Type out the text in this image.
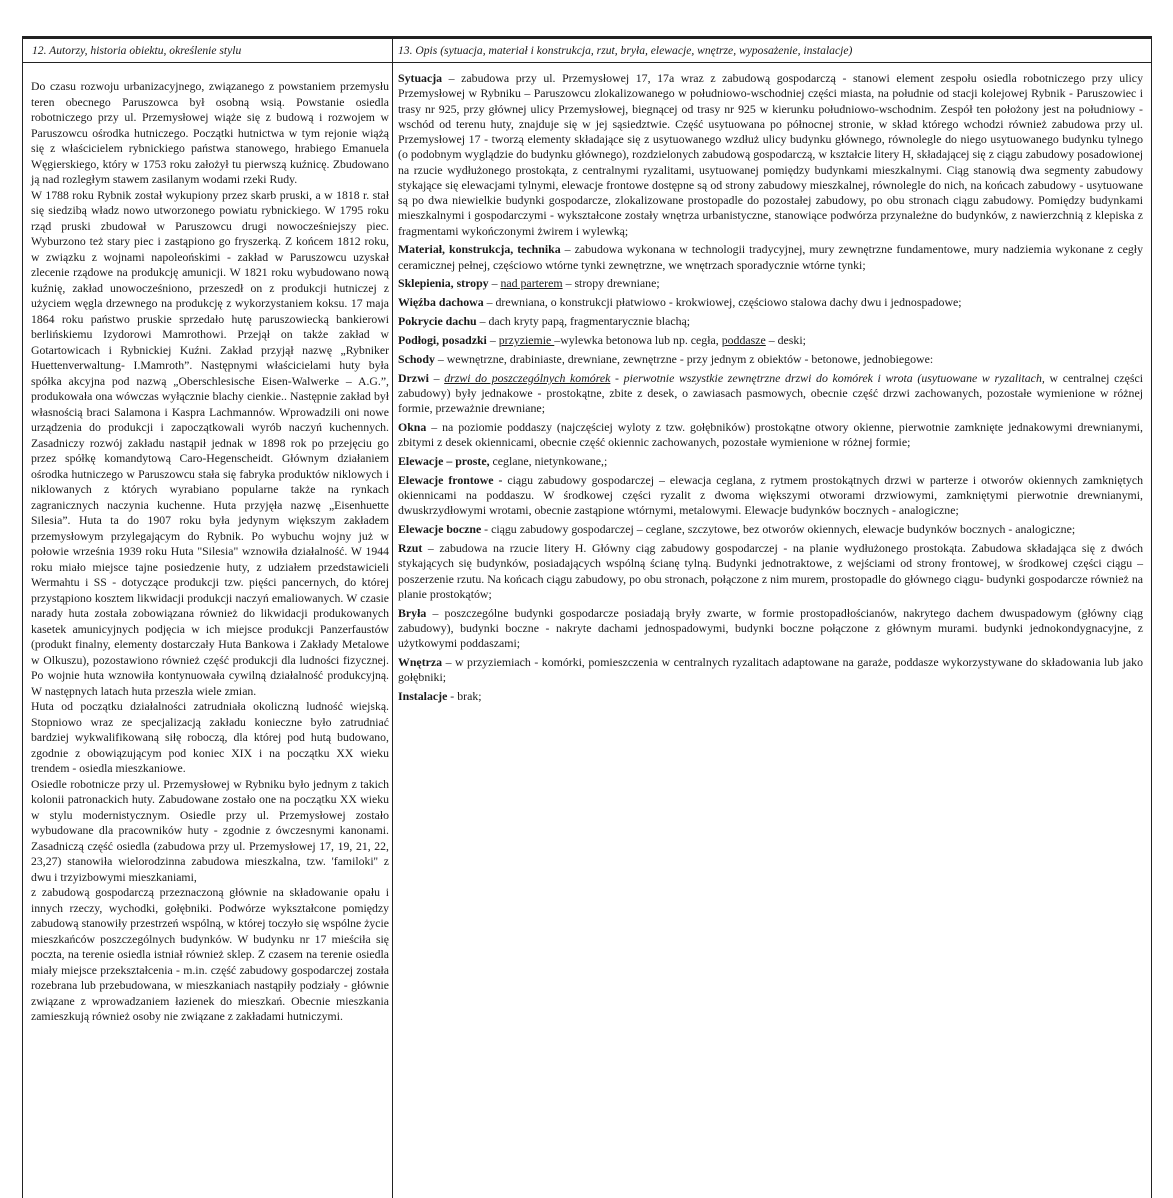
12. Autorzy, historia obiektu, określenie stylu	13. Opis (sytuacja, materiał i konstrukcja, rzut, bryła, elewacje, wnętrze, wyposażenie, instalacje)

Do czasu rozwoju urbanizacyjnego, związanego z powstaniem przemysłu teren obecnego Paruszowca był osobną wsią. Powstanie osiedla robotniczego przy ul. Przemysłowej wiąże się z budową i rozwojem w Paruszowcu ośrodka hutniczego. Początki hutnictwa w tym rejonie wiążą się z właścicielem rybnickiego państwa stanowego, hrabiego Emanuela Węgierskiego, który w 1753 roku założył tu pierwszą kuźnicę. Zbudowano ją nad rozległym stawem zasilanym wodami rzeki Rudy.

W 1788 roku Rybnik został wykupiony przez skarb pruski, a w 1818 r. stał się siedzibą władz nowo utworzonego powiatu rybnickiego. W 1795 roku rząd pruski zbudował w Paruszowcu drugi nowocześniejszy piec. Wyburzono też stary piec i zastąpiono go fryszerką. Z końcem 1812 roku, w związku z wojnami napoleońskimi - zakład w Paruszowcu uzyskał zlecenie rządowe na produkcję amunicji. W 1821 roku wybudowano nową kuźnię, zakład unowocześniono, przeszedł on z produkcji hutniczej z użyciem węgla drzewnego na produkcję z wykorzystaniem koksu. 17 maja 1864 roku państwo pruskie sprzedało hutę paruszowiecką bankierowi berlińskiemu Izydorowi Mamrothowi. Przejął on także zakład w Gotartowicach i Rybnickiej Kuźni. Zakład przyjął nazwę „Rybniker Huettenverwaltung- I.Mamroth”. Następnymi właścicielami huty była spółka akcyjna pod nazwą „Oberschlesische Eisen-Walwerke – A.G.”, produkowała ona wówczas wyłącznie blachy cienkie.. Następnie zakład był własnością braci Salamona i Kaspra Lachmannów. Wprowadzili oni nowe urządzenia do produkcji i zapoczątkowali wyrób naczyń kuchennych. Zasadniczy rozwój zakładu nastąpił jednak w 1898 rok po przejęciu go przez spółkę komandytową Caro-Hegenscheidt. Głównym działaniem ośrodka hutniczego w Paruszowcu stała się fabryka produktów niklowych i niklowanych z których wyrabiano popularne także na rynkach zagranicznych naczynia kuchenne. Huta przyjęła nazwę „Eisenhuette Silesia”. Huta ta do 1907 roku była jedynym większym zakładem przemysłowym przylegającym do Rybnik. Po wybuchu wojny już w połowie września 1939 roku Huta "Silesia" wznowiła działalność. W 1944 roku miało miejsce tajne posiedzenie huty, z udziałem przedstawicieli Wermahtu i SS - dotyczące produkcji tzw. pięści pancernych, do której przystąpiono kosztem likwidacji produkcji naczyń emaliowanych. W czasie narady huta została zobowiązana również do likwidacji produkowanych kasetek amunicyjnych podjęcia w ich miejsce produkcji Panzerfaustów (produkt finalny, elementy dostarczały Huta Bankowa i Zakłady Metalowe w Olkuszu), pozostawiono również część produkcji dla ludności fizycznej. Po wojnie huta wznowiła kontynuowała cywilną działalność produkcyjną. W następnych latach huta przeszła wiele zmian.

Huta od początku działalności zatrudniała okoliczną ludność wiejską. Stopniowo wraz ze specjalizacją zakładu konieczne było zatrudniać bardziej wykwalifikowaną siłę roboczą, dla której pod hutą budowano, zgodnie z obowiązującym pod koniec XIX i na początku XX wieku trendem - osiedla mieszkaniowe.

Osiedle robotnicze przy ul. Przemysłowej w Rybniku było jednym z takich kolonii patronackich huty. Zabudowane zostało one na początku XX wieku w stylu modernistycznym. Osiedle przy ul. Przemysłowej zostało wybudowane dla pracowników huty - zgodnie z ówczesnymi kanonami. Zasadniczą część osiedla (zabudowa przy ul. Przemysłowej 17, 19, 21, 22, 23,27) stanowiła wielorodzinna zabudowa mieszkalna, tzw. 'familoki'' z dwu i trzyizbowymi mieszkaniami,

z zabudową gospodarczą przeznaczoną głównie na składowanie opału i innych rzeczy, wychodki, gołębniki. Podwórze wykształcone pomiędzy zabudową stanowiły przestrzeń wspólną, w której toczyło się wspólne życie mieszkańców poszczególnych budynków. W budynku nr 17 mieściła się poczta, na terenie osiedla istniał również sklep. Z czasem na terenie osiedla miały miejsce przekształcenia - m.in. część zabudowy gospodarczej została rozebrana lub przebudowana, w mieszkaniach nastąpiły podziały - głównie związane z wprowadzaniem łazienek do mieszkań. Obecnie mieszkania zamieszkują również osoby nie związane z zakładami hutniczymi.

Sytuacja – zabudowa przy ul. Przemysłowej 17, 17a wraz z zabudową gospodarczą - stanowi element zespołu osiedla robotniczego przy ulicy Przemysłowej w Rybniku – Paruszowcu zlokalizowanego w południowo-wschodniej części miasta, na południe od stacji kolejowej Rybnik - Paruszowiec i trasy nr 925, przy głównej ulicy Przemysłowej, biegnącej od trasy nr 925 w kierunku południowo-wschodnim. Zespół ten położony jest na południowy - wschód od terenu huty, znajduje się w jej sąsiedztwie. Część usytuowana po północnej stronie, w skład którego wchodzi również zabudowa przy ul. Przemysłowej 17 - tworzą elementy składające się z usytuowanego wzdłuż ulicy budynku głównego, równolegle do niego usytuowanego budynku tylnego (o podobnym wyglądzie do budynku głównego), rozdzielonych zabudową gospodarczą, w kształcie litery H, składającej się z ciągu zabudowy posadowionej na rzucie wydłużonego prostokąta, z centralnymi ryzalitami, usytuowanej pomiędzy budynkami mieszkalnymi. Ciąg stanowią dwa segmenty zabudowy stykające się elewacjami tylnymi, elewacje frontowe dostępne są od strony zabudowy mieszkalnej, równolegle do nich, na końcach zabudowy - usytuowane są po dwa niewielkie budynki gospodarcze, zlokalizowane prostopadle do pozostałej zabudowy, po obu stronach ciągu zabudowy. Pomiędzy budynkami mieszkalnymi i gospodarczymi - wykształcone zostały wnętrza urbanistyczne, stanowiące podwórza przynależne do budynków, z nawierzchnią z klepiska z fragmentami wykończonymi żwirem i wylewką;

Materiał, konstrukcja, technika – zabudowa wykonana w technologii tradycyjnej, mury zewnętrzne fundamentowe, mury nadziemia wykonane z cegły ceramicznej pełnej, częściowo wtórne tynki zewnętrzne, we wnętrzach sporadycznie wtórne tynki;

Sklepienia, stropy – nad parterem – stropy drewniane;

Więźba dachowa – drewniana, o konstrukcji płatwiowo - krokwiowej, częściowo stalowa dachy dwu i jednospadowe;

Pokrycie dachu – dach kryty papą, fragmentarycznie blachą;

Podłogi, posadzki – przyziemie –wylewka betonowa lub np. cegła, poddasze – deski;

Schody – wewnętrzne, drabiniaste, drewniane, zewnętrzne - przy jednym z obiektów - betonowe, jednobiegowe:

Drzwi – drzwi do poszczególnych komórek - pierwotnie wszystkie zewnętrzne drzwi do komórek i wrota (usytuowane w ryzalitach, w centralnej części zabudowy) były jednakowe - prostokątne, zbite z desek, o zawiasach pasmowych, obecnie część drzwi zachowanych, pozostałe wymienione w różnej formie, przeważnie drewniane;

Okna – na poziomie poddaszy (najczęściej wyloty z tzw. gołębników) prostokątne otwory okienne, pierwotnie zamknięte jednakowymi drewnianymi, zbitymi z desek okiennicami, obecnie część okiennic zachowanych, pozostałe wymienione w różnej formie;

Elewacje – proste, ceglane, nietynkowane,;

Elewacje frontowe - ciągu zabudowy gospodarczej – elewacja ceglana, z rytmem prostokątnych drzwi w parterze i otworów okiennych zamkniętych okiennicami na poddaszu. W środkowej części ryzalit z dwoma większymi otworami drzwiowymi, zamkniętymi pierwotnie drewnianymi, dwuskrzydłowymi wrotami, obecnie zastąpione wtórnymi, metalowymi. Elewacje budynków bocznych - analogiczne;

Elewacje boczne - ciągu zabudowy gospodarczej – ceglane, szczytowe, bez otworów okiennych, elewacje budynków bocznych - analogiczne;

Rzut – zabudowa na rzucie litery H. Główny ciąg zabudowy gospodarczej - na planie wydłużonego prostokąta. Zabudowa składająca się z dwóch stykających się budynków, posiadających wspólną ścianę tylną. Budynki jednotraktowe, z wejściami od strony frontowej, w środkowej części ciągu – poszerzenie rzutu. Na końcach ciągu zabudowy, po obu stronach, połączone z nim murem, prostopadle do głównego ciągu- budynki gospodarcze również na planie prostokątów;

Bryła – poszczególne budynki gospodarcze posiadają bryły zwarte, w formie prostopadłościanów, nakrytego dachem dwuspadowym (główny ciąg zabudowy), budynki boczne - nakryte dachami jednospadowymi, budynki boczne połączone z głównym murami. budynki jednokondygnacyjne, z użytkowymi poddaszami;

Wnętrza – w przyziemiach - komórki, pomieszczenia w centralnych ryzalitach adaptowane na garaże, poddasze wykorzystywane do składowania lub jako gołębniki;

Instalacje - brak;
